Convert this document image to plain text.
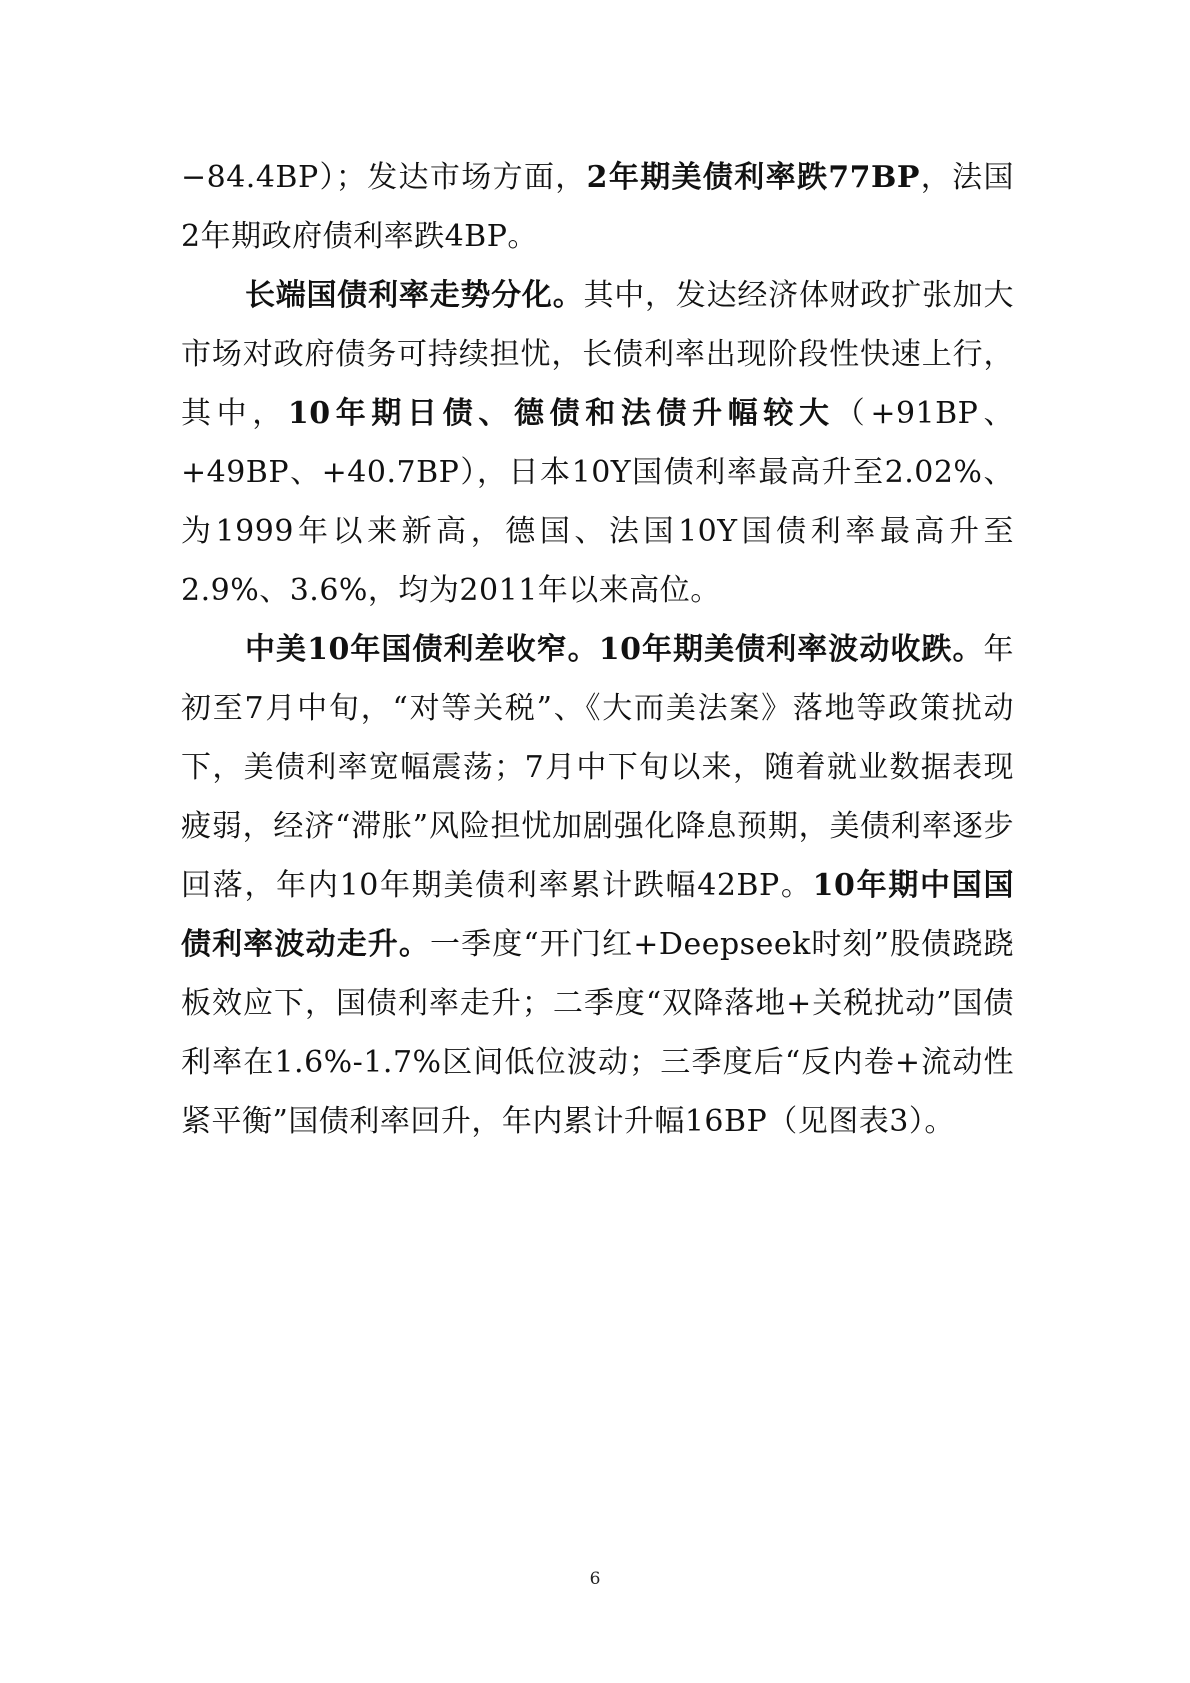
−84.4BP）；发达市场方面，2年期美债利率跌77BP，法国2年期政府债利率跌4BP。

长端国债利率走势分化。其中，发达经济体财政扩张加大市场对政府债务可持续担忧，长债利率出现阶段性快速上行，其中，10年期日债、德债和法债升幅较大（+91BP、+49BP、+40.7BP），日本10Y国债利率最高升至2.02%、为1999年以来新高，德国、法国10Y国债利率最高升至2.9%、3.6%，均为2011年以来高位。

中美10年国债利差收窄。10年期美债利率波动收跌。年初至7月中旬，“对等关税”、《大而美法案》落地等政策扰动下，美债利率宽幅震荡；7月中下旬以来，随着就业数据表现疲弱，经济“滞胀”风险担忧加剧强化降息预期，美债利率逐步回落，年内10年期美债利率累计跌幅42BP。10年期中国国债利率波动走升。一季度“开门红+Deepseek时刻”股债跷跷板效应下，国债利率走升；二季度“双降落地+关税扰动”国债利率在1.6%-1.7%区间低位波动；三季度后“反内卷+流动性紧平衡”国债利率回升，年内累计升幅16BP（见图表3）。

6
